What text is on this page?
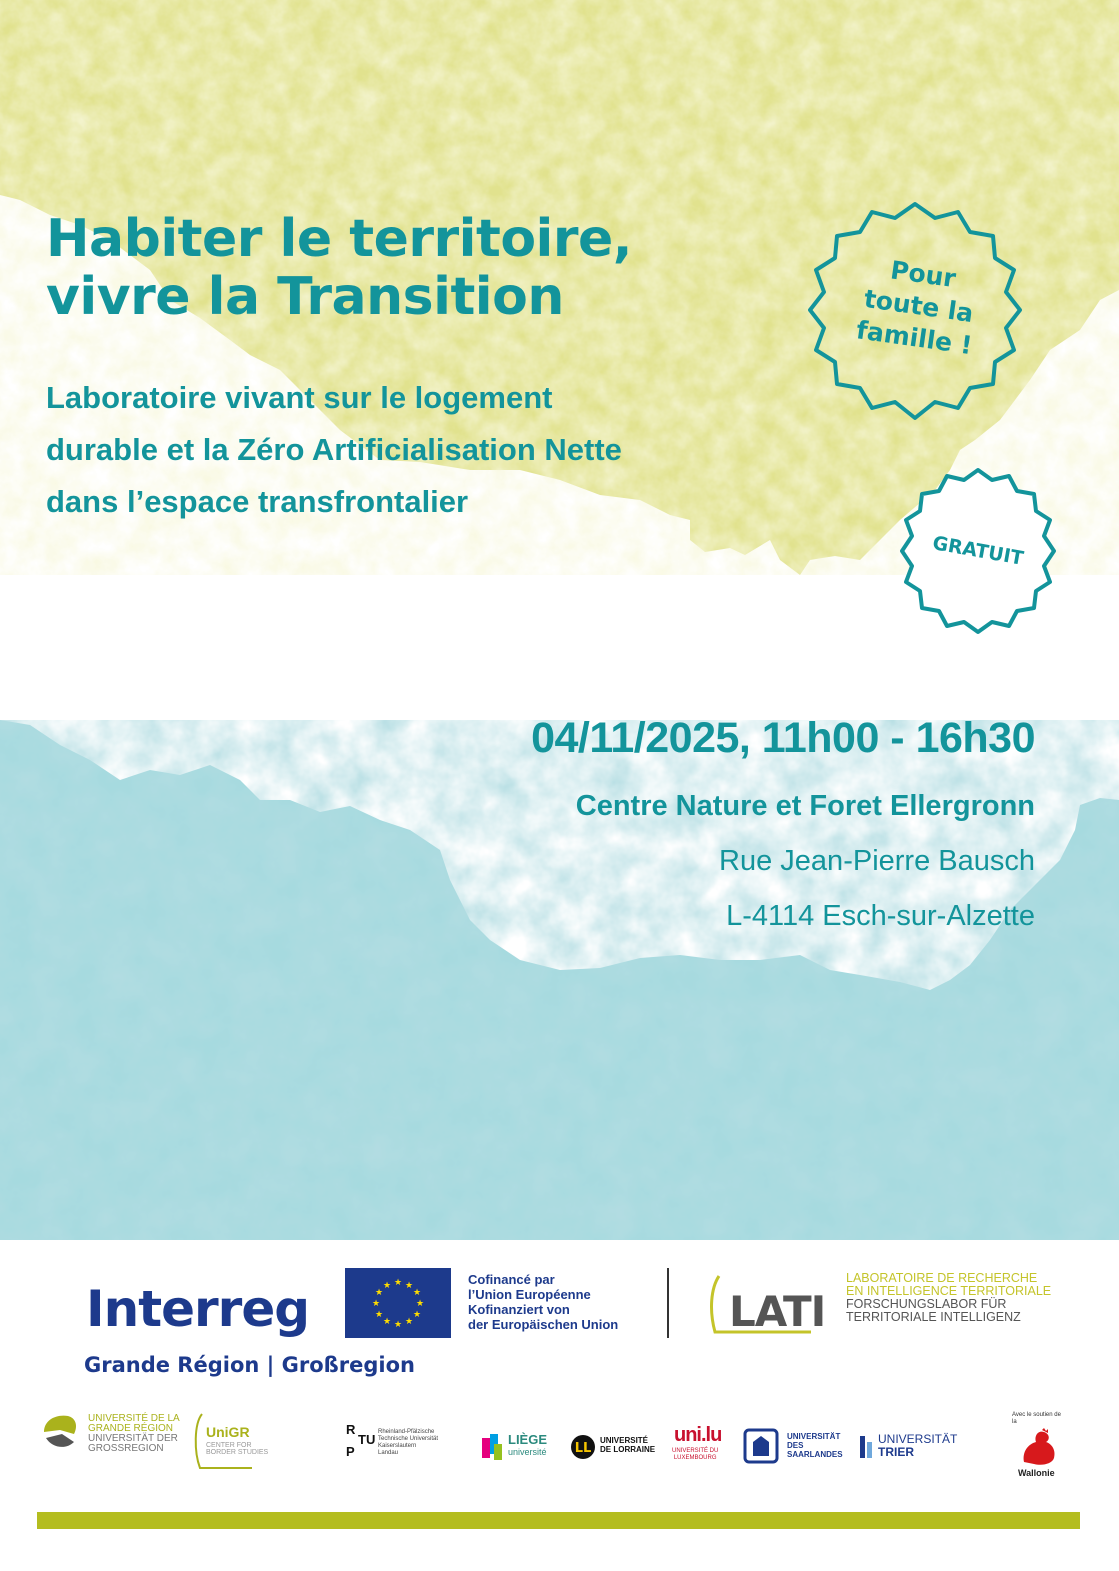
Habiter le territoire,
vivre la Transition

Laboratoire vivant sur le logement
durable et la Zéro Artificialisation Nette
dans l’espace transfrontalier

Pour
toute la
famille !
GRATUIT
04/11/2025, 11h00 - 16h30
Centre Nature et Foret Ellergronn
Rue Jean-Pierre Bausch
L-4114 Esch-sur-Alzette
Interreg
Grande Région | Großregion
★ ★
★
★
★
★
★
★
★
★
★
★	Cofinancé par
l’Union Européenne
Kofinanziert von
der Europäischen Union	LATI
LABORATOIRE DE RECHERCHE
EN INTELLIGENCE TERRITORIALE
FORSCHUNGSLABOR FÜR
TERRITORIALE INTELLIGENZ
UNIVERSITÉ DE LA
GRANDE RÉGION
UNIVERSITÄT DER
GROSSREGION
UniGR
CENTER FOR
BORDER STUDIES
R
TU
P
Rheinland-Pfälzische
Technische Universität
Kaiserslautern
Landau
LIÈGE
université LL
UNIVERSITÉ
DE LORRAINE
uni.lu
UNIVERSITÉ DU
LUXEMBOURG
UNIVERSITÄT
DES
SAARLANDES
UNIVERSITÄT
TRIER
Avec le soutien de
la
Wallonie
